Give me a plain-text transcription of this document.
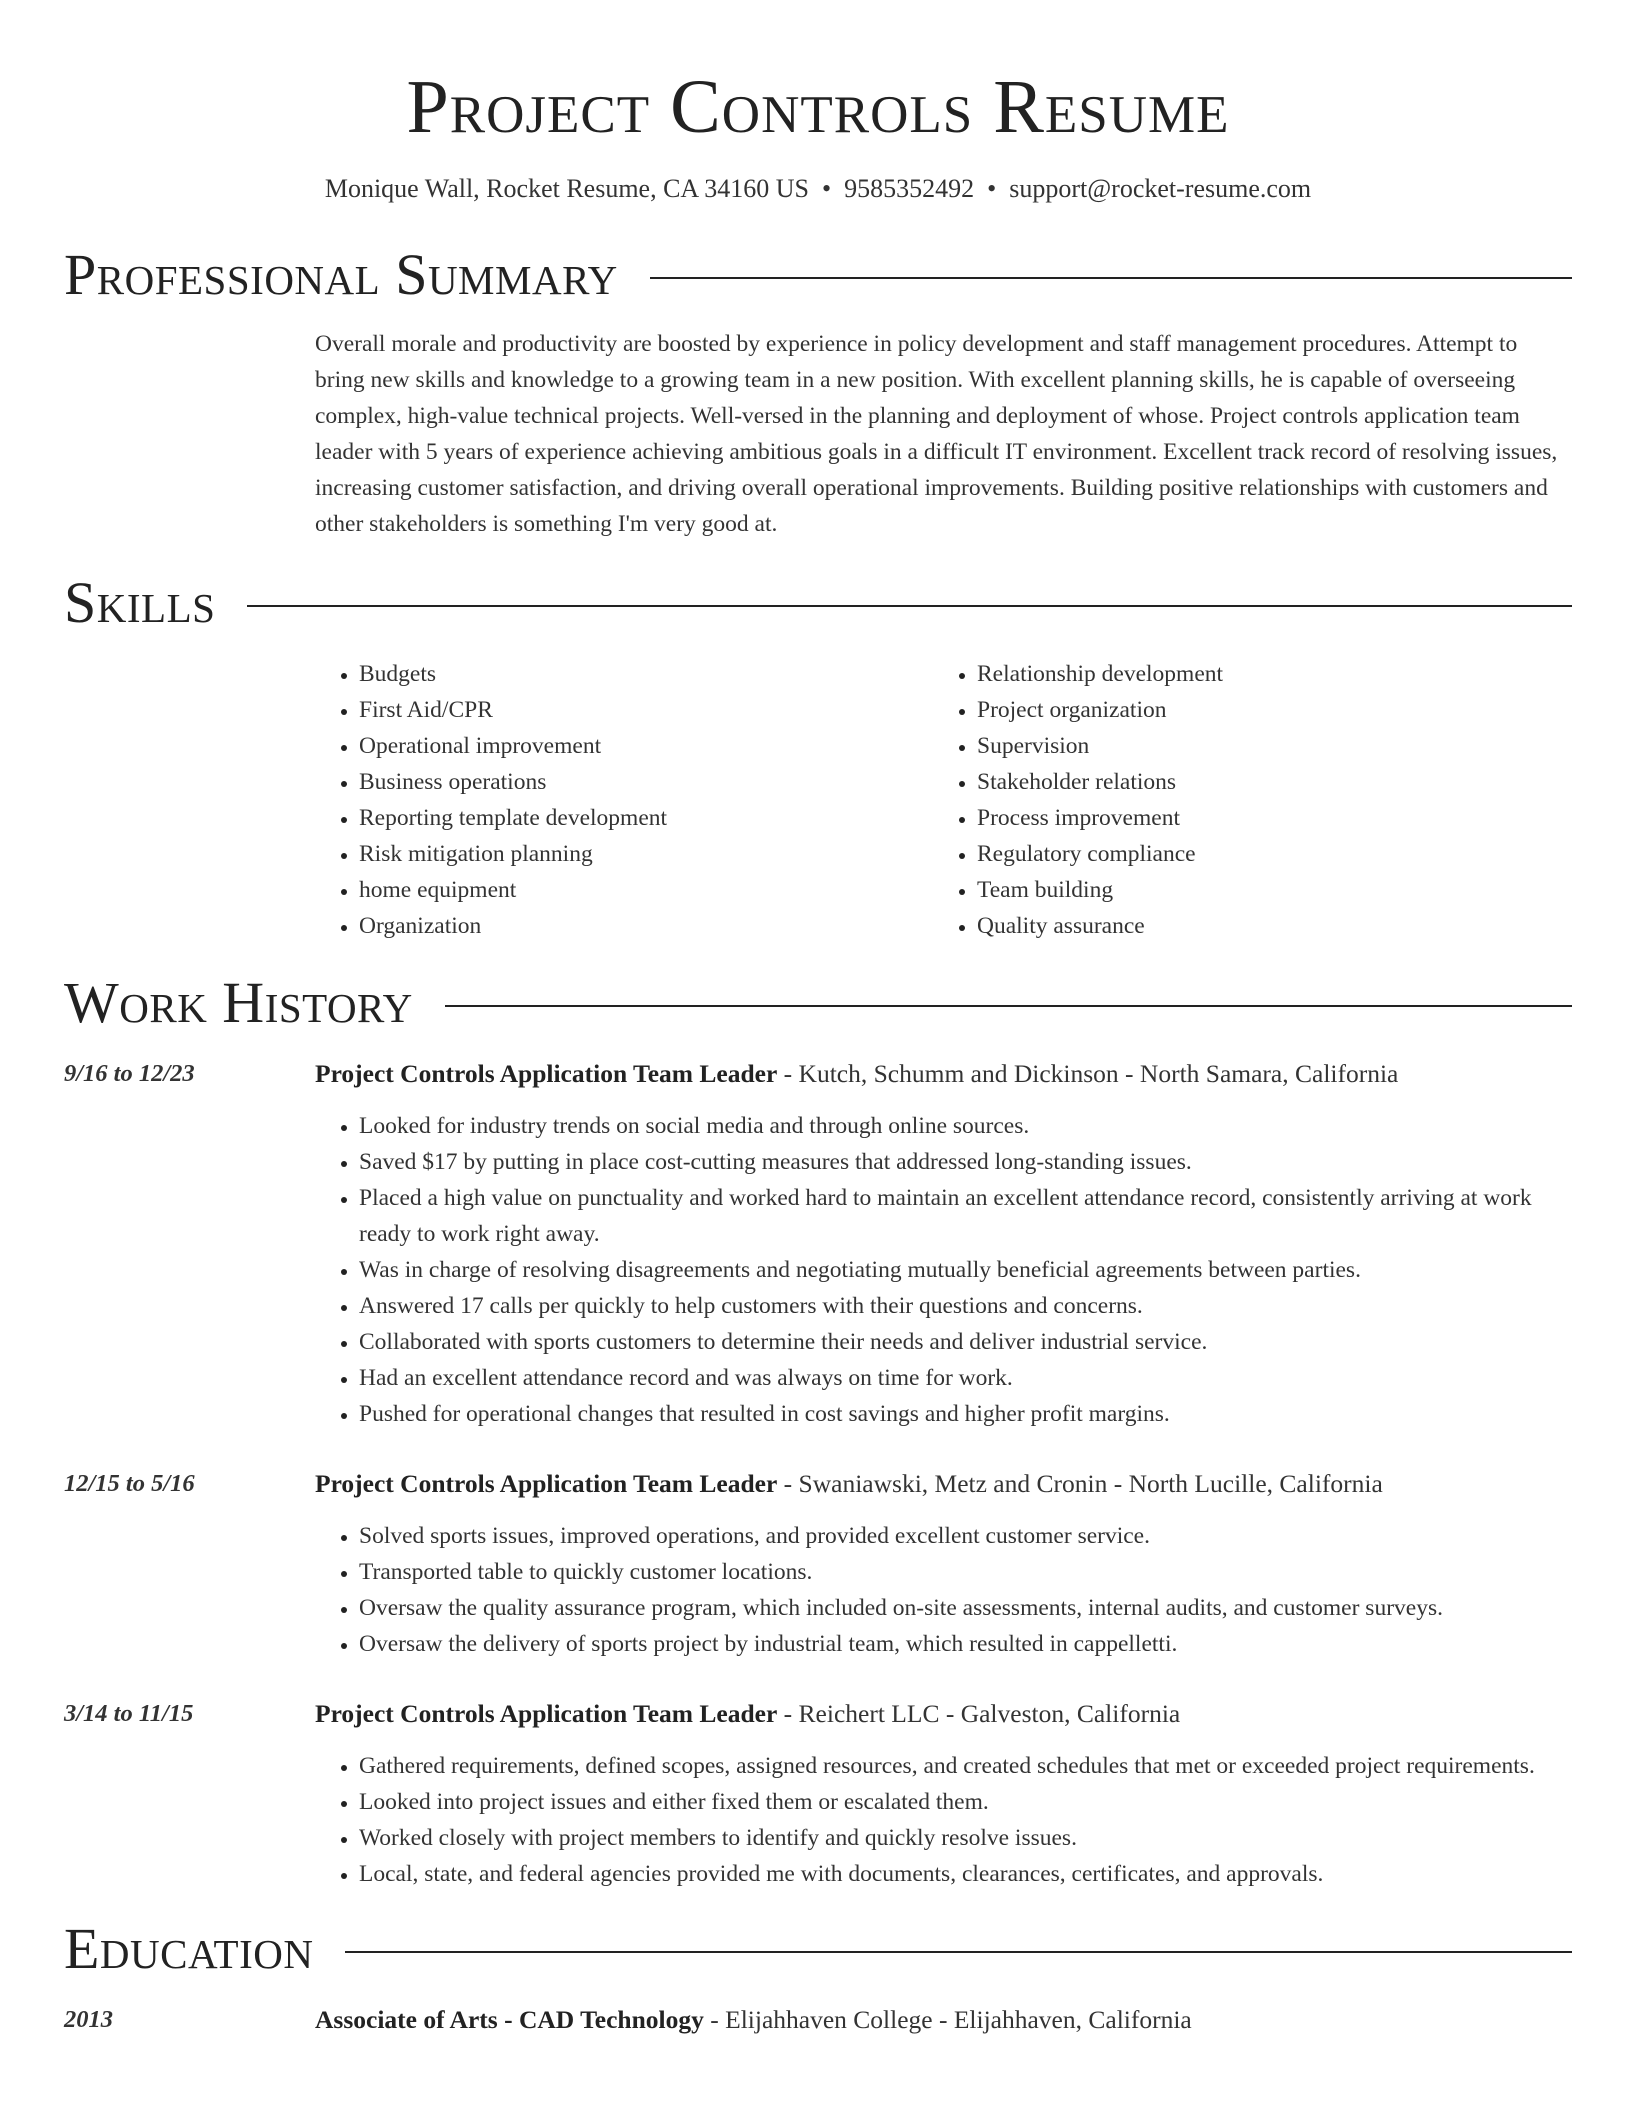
Project Controls Resume
Monique Wall, Rocket Resume, CA 34160 US • 9585352492 • support@rocket-resume.com
Professional Summary
Overall morale and productivity are boosted by experience in policy development and staff management procedures. Attempt to bring new skills and knowledge to a growing team in a new position. With excellent planning skills, he is capable of overseeing complex, high-value technical projects. Well-versed in the planning and deployment of whose. Project controls application team leader with 5 years of experience achieving ambitious goals in a difficult IT environment. Excellent track record of resolving issues, increasing customer satisfaction, and driving overall operational improvements. Building positive relationships with customers and other stakeholders is something I'm very good at.
Skills
• Budgets
• First Aid/CPR
• Operational improvement
• Business operations
• Reporting template development
• Risk mitigation planning
• home equipment
• Organization
• Relationship development
• Project organization
• Supervision
• Stakeholder relations
• Process improvement
• Regulatory compliance
• Team building
• Quality assurance
Work History
9/16 to 12/23	Project Controls Application Team Leader - Kutch, Schumm and Dickinson - North Samara, California
• Looked for industry trends on social media and through online sources.
• Saved $17 by putting in place cost-cutting measures that addressed long-standing issues.
• Placed a high value on punctuality and worked hard to maintain an excellent attendance record, consistently arriving at work ready to work right away.
• Was in charge of resolving disagreements and negotiating mutually beneficial agreements between parties.
• Answered 17 calls per quickly to help customers with their questions and concerns.
• Collaborated with sports customers to determine their needs and deliver industrial service.
• Had an excellent attendance record and was always on time for work.
• Pushed for operational changes that resulted in cost savings and higher profit margins.
12/15 to 5/16	Project Controls Application Team Leader - Swaniawski, Metz and Cronin - North Lucille, California
• Solved sports issues, improved operations, and provided excellent customer service.
• Transported table to quickly customer locations.
• Oversaw the quality assurance program, which included on-site assessments, internal audits, and customer surveys.
• Oversaw the delivery of sports project by industrial team, which resulted in cappelletti.
3/14 to 11/15	Project Controls Application Team Leader - Reichert LLC - Galveston, California
• Gathered requirements, defined scopes, assigned resources, and created schedules that met or exceeded project requirements.
• Looked into project issues and either fixed them or escalated them.
• Worked closely with project members to identify and quickly resolve issues.
• Local, state, and federal agencies provided me with documents, clearances, certificates, and approvals.
Education
2013	Associate of Arts - CAD Technology - Elijahhaven College - Elijahhaven, California
